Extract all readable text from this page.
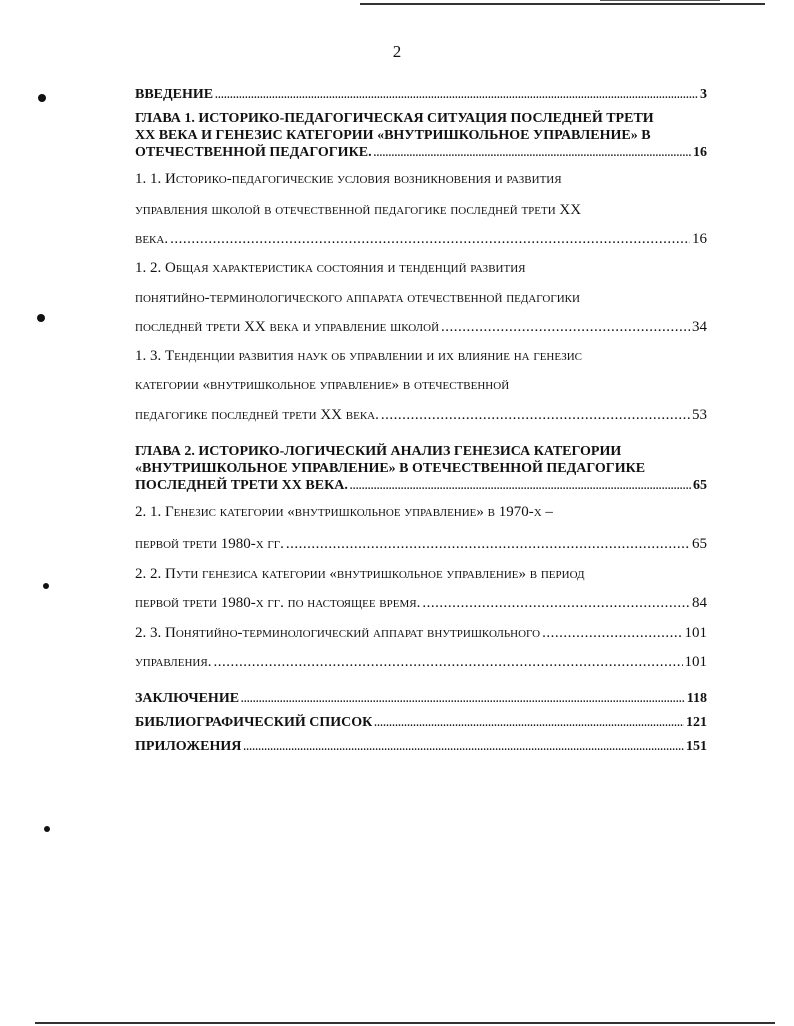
2
ВВЕДЕНИЕ .....	3
ГЛАВА 1. ИСТОРИКО-ПЕДАГОГИЧЕСКАЯ СИТУАЦИЯ ПОСЛЕДНЕЙ ТРЕТИ
XX ВЕКА И ГЕНЕЗИС КАТЕГОРИИ «ВНУТРИШКОЛЬНОЕ УПРАВЛЕНИЕ» В
ОТЕЧЕСТВЕННОЙ ПЕДАГОГИКЕ. .....	16
1. 1. Историко-педагогические условия возникновения и развития
управления школой в отечественной педагогике последней трети XX
века. .....	16
1. 2. Общая характеристика состояния и тенденций развития
понятийно-терминологического аппарата отечественной педагогики
последней трети XX века и управление школой .....	34
1. 3. Тенденции развития наук об управлении и их влияние на генезис
категории «внутришкольное управление» в отечественной
педагогике последней трети XX века. .....	53
ГЛАВА 2. ИСТОРИКО-ЛОГИЧЕСКИЙ АНАЛИЗ ГЕНЕЗИСА КАТЕГОРИИ
«ВНУТРИШКОЛЬНОЕ УПРАВЛЕНИЕ» В ОТЕЧЕСТВЕННОЙ ПЕДАГОГИКЕ
ПОСЛЕДНЕЙ ТРЕТИ XX ВЕКА. .....	65
2. 1. Генезис категории «внутришкольное управление» в 1970-х –
первой трети 1980-х гг. .....	65
2. 2. Пути генезиса категории «внутришкольное управление» в период
первой трети 1980-х гг. по настоящее время. .....	84
2. 3. Понятийно-терминологический аппарат внутришкольного .....	101
управления. .....	101
ЗАКЛЮЧЕНИЕ .....	118
БИБЛИОГРАФИЧЕСКИЙ СПИСОК .....	121
ПРИЛОЖЕНИЯ .....	151
